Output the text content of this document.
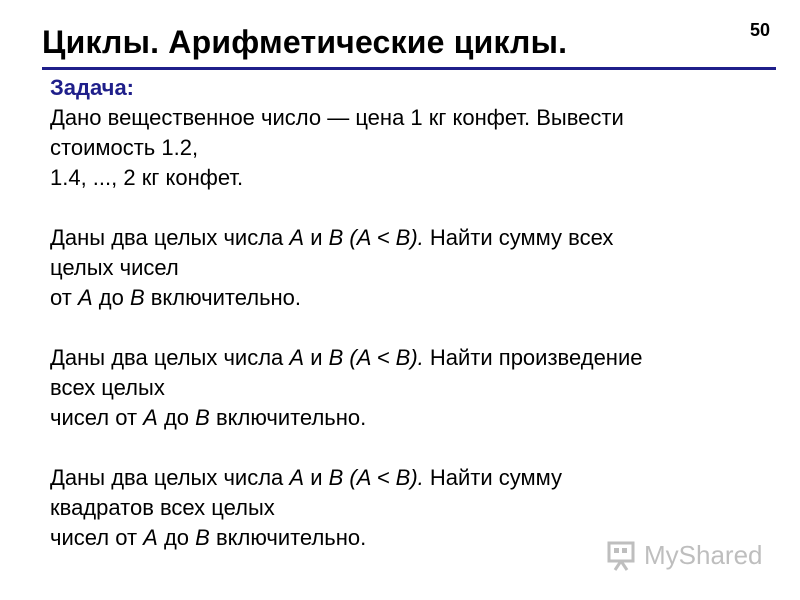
Циклы. Арифметические циклы.	50
Задача:
Дано вещественное число — цена 1 кг конфет. Вывести
стоимость 1.2,
1.4, ..., 2 кг конфет.
Даны два целых числа A и B (A < B). Найти сумму всех
целых чисел
от A до B включительно.
Даны два целых числа A и B (A < B). Найти произведение
всех целых
чисел от A до B включительно.
Даны два целых числа A и B (A < B). Найти сумму
квадратов всех целых
чисел от A до B включительно.
MyShared
